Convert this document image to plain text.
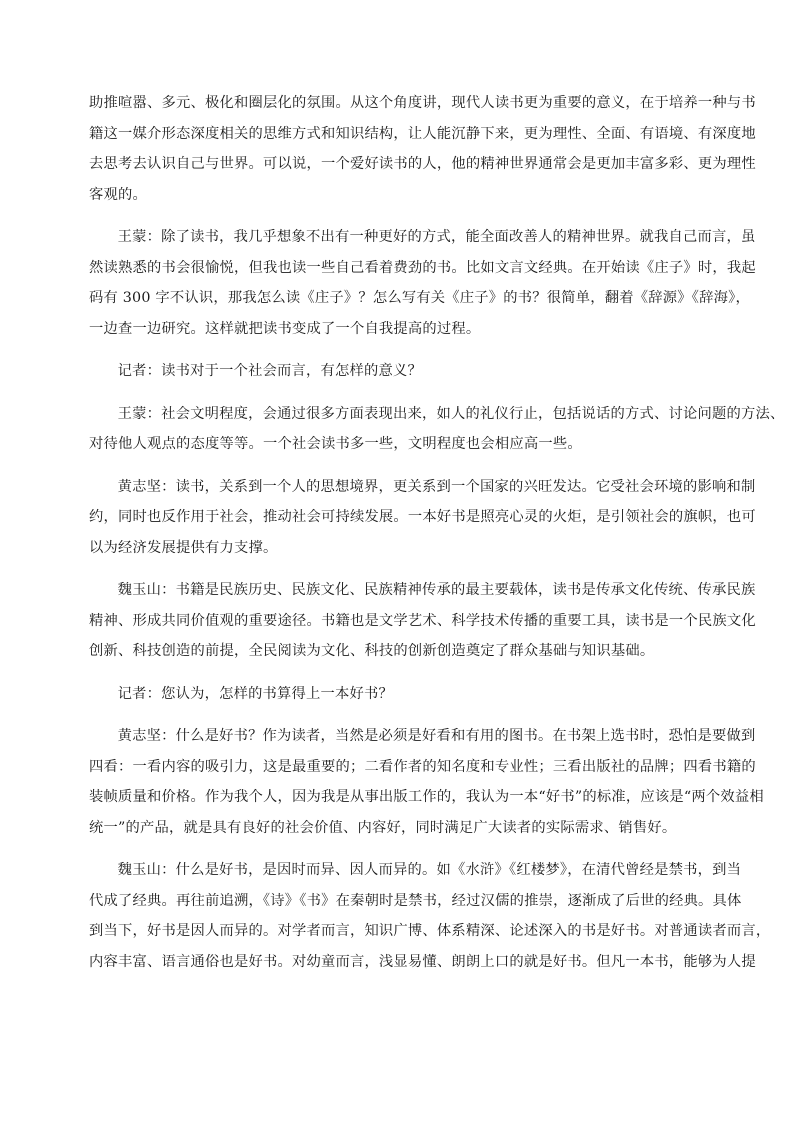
助推喧嚣、多元、极化和圈层化的氛围。从这个角度讲，现代人读书更为重要的意义，在于培养一种与书
籍这一媒介形态深度相关的思维方式和知识结构，让人能沉静下来，更为理性、全面、有语境、有深度地
去思考去认识自己与世界。可以说，一个爱好读书的人，他的精神世界通常会是更加丰富多彩、更为理性
客观的。

王蒙：除了读书，我几乎想象不出有一种更好的方式，能全面改善人的精神世界。就我自己而言，虽
然读熟悉的书会很愉悦，但我也读一些自己看着费劲的书。比如文言文经典。在开始读《庄子》时，我起
码有 300 字不认识，那我怎么读《庄子》？怎么写有关《庄子》的书？很简单，翻着《辞源》《辞海》，
一边查一边研究。这样就把读书变成了一个自我提高的过程。

记者：读书对于一个社会而言，有怎样的意义？

王蒙：社会文明程度，会通过很多方面表现出来，如人的礼仪行止，包括说话的方式、讨论问题的方法、
对待他人观点的态度等等。一个社会读书多一些，文明程度也会相应高一些。

黄志坚：读书，关系到一个人的思想境界，更关系到一个国家的兴旺发达。它受社会环境的影响和制
约，同时也反作用于社会，推动社会可持续发展。一本好书是照亮心灵的火炬，是引领社会的旗帜，也可
以为经济发展提供有力支撑。

魏玉山：书籍是民族历史、民族文化、民族精神传承的最主要载体，读书是传承文化传统、传承民族
精神、形成共同价值观的重要途径。书籍也是文学艺术、科学技术传播的重要工具，读书是一个民族文化
创新、科技创造的前提，全民阅读为文化、科技的创新创造奠定了群众基础与知识基础。

记者：您认为，怎样的书算得上一本好书？

黄志坚：什么是好书？作为读者，当然是必须是好看和有用的图书。在书架上选书时，恐怕是要做到
四看：一看内容的吸引力，这是最重要的；二看作者的知名度和专业性；三看出版社的品牌；四看书籍的
装帧质量和价格。作为我个人，因为我是从事出版工作的，我认为一本“好书”的标准，应该是“两个效益相
统一”的产品，就是具有良好的社会价值、内容好，同时满足广大读者的实际需求、销售好。

魏玉山：什么是好书，是因时而异、因人而异的。如《水浒》《红楼梦》，在清代曾经是禁书，到当
代成了经典。再往前追溯，《诗》《书》在秦朝时是禁书，经过汉儒的推崇，逐渐成了后世的经典。具体
到当下，好书是因人而异的。对学者而言，知识广博、体系精深、论述深入的书是好书。对普通读者而言，
内容丰富、语言通俗也是好书。对幼童而言，浅显易懂、朗朗上口的就是好书。但凡一本书，能够为人提
